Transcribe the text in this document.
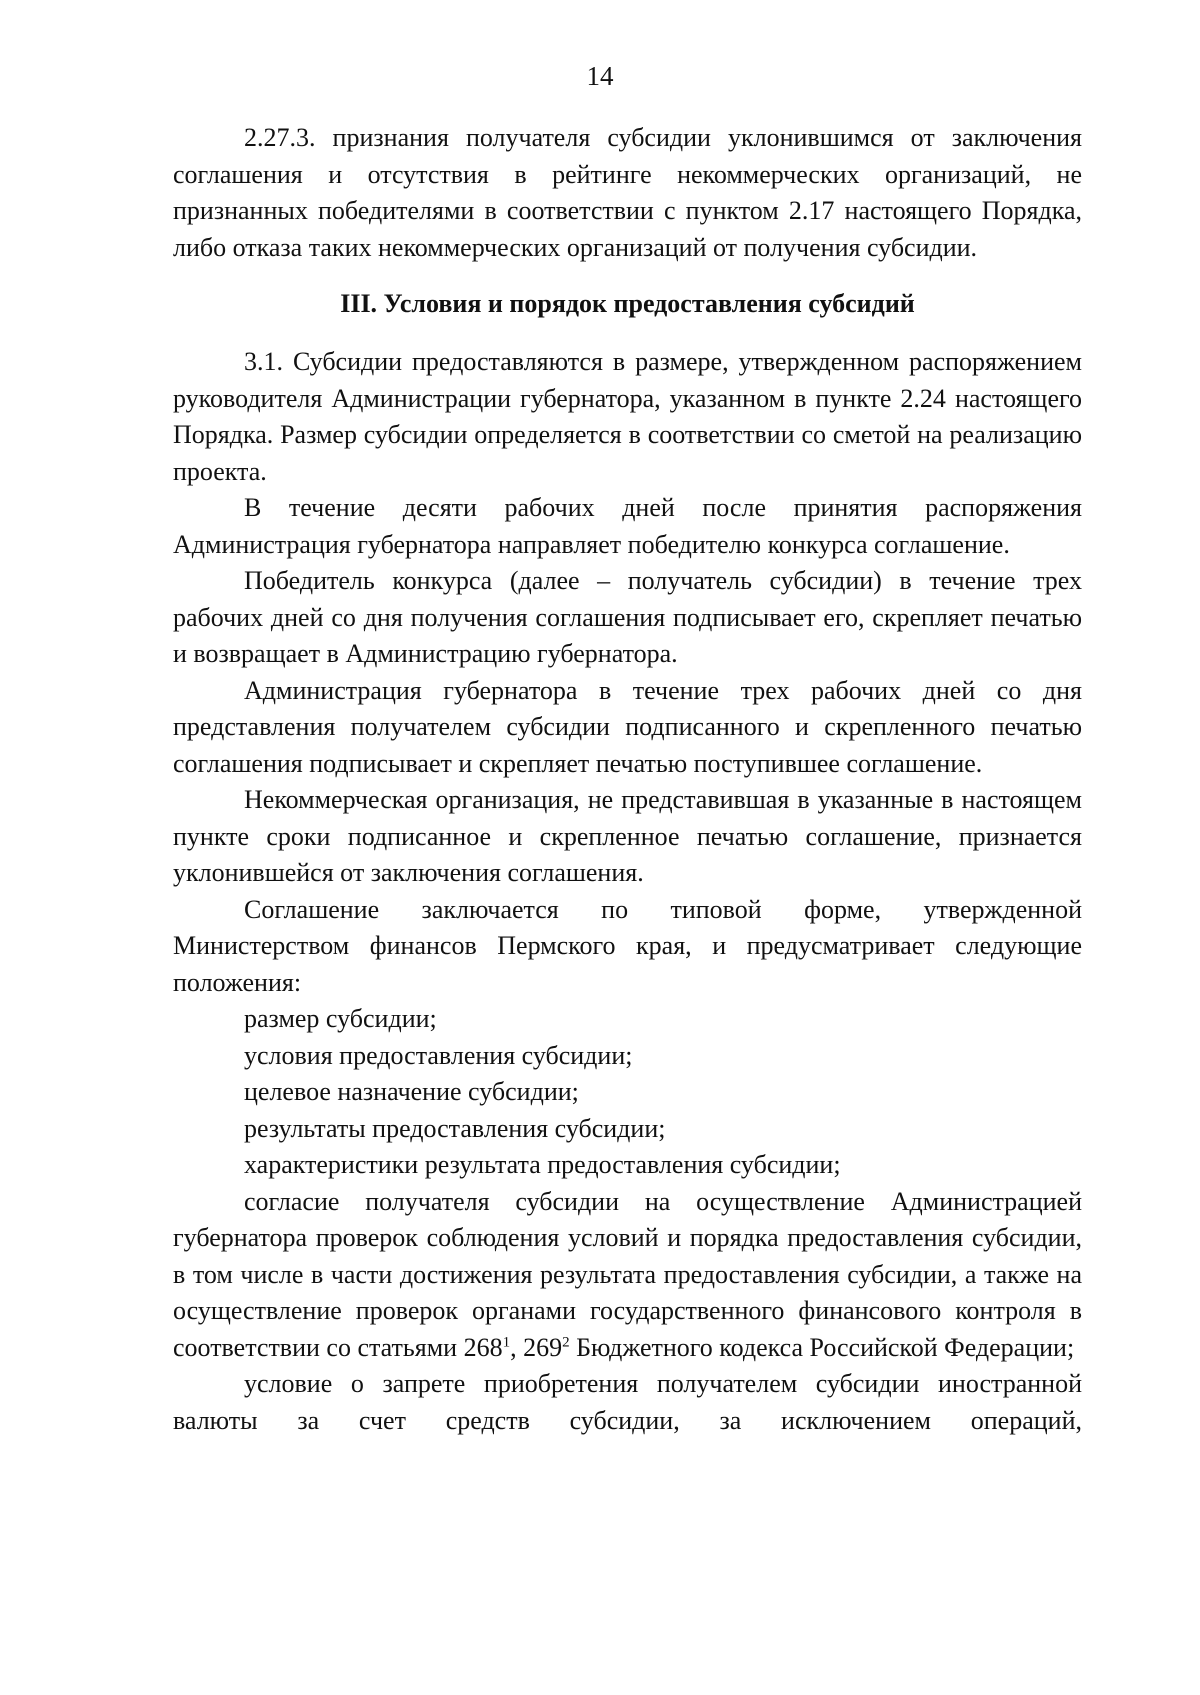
14

2.27.3. признания получателя субсидии уклонившимся от заключения соглашения и отсутствия в рейтинге некоммерческих организаций, не признанных победителями в соответствии с пунктом 2.17 настоящего Порядка, либо отказа таких некоммерческих организаций от получения субсидии.

III. Условия и порядок предоставления субсидий

3.1. Субсидии предоставляются в размере, утвержденном распоряжением руководителя Администрации губернатора, указанном в пункте 2.24 настоящего Порядка. Размер субсидии определяется в соответствии со сметой на реализацию проекта.

В течение десяти рабочих дней после принятия распоряжения Администрация губернатора направляет победителю конкурса соглашение.

Победитель конкурса (далее – получатель субсидии) в течение трех рабочих дней со дня получения соглашения подписывает его, скрепляет печатью и возвращает в Администрацию губернатора.

Администрация губернатора в течение трех рабочих дней со дня представления получателем субсидии подписанного и скрепленного печатью соглашения подписывает и скрепляет печатью поступившее соглашение.

Некоммерческая организация, не представившая в указанные в настоящем пункте сроки подписанное и скрепленное печатью соглашение, признается уклонившейся от заключения соглашения.

Соглашение заключается по типовой форме, утвержденной Министерством финансов Пермского края, и предусматривает следующие положения:

размер субсидии;

условия предоставления субсидии;

целевое назначение субсидии;

результаты предоставления субсидии;

характеристики результата предоставления субсидии;

согласие получателя субсидии на осуществление Администрацией губернатора проверок соблюдения условий и порядка предоставления субсидии, в том числе в части достижения результата предоставления субсидии, а также на осуществление проверок органами государственного финансового контроля в соответствии со статьями $268^1$, $269^2$ Бюджетного кодекса Российской Федерации;

условие о запрете приобретения получателем субсидии иностранной валюты за счет средств субсидии, за исключением операций,
